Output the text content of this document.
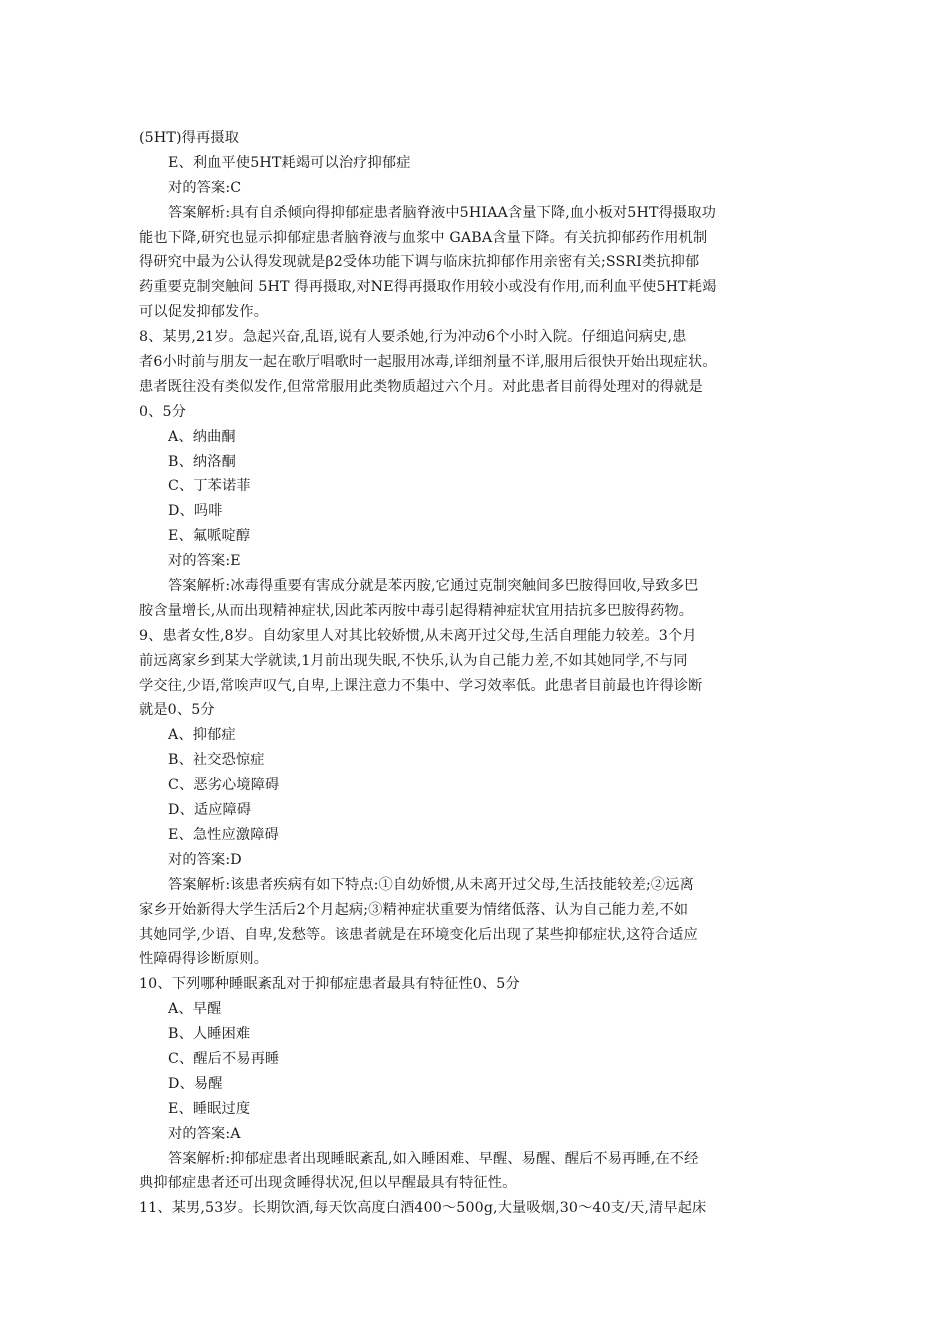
(5HT)得再摄取
E、利血平使5HT耗竭可以治疗抑郁症
对的答案:C
答案解析:具有自杀倾向得抑郁症患者脑脊液中5HIAA含量下降,血小板对5HT得摄取功
能也下降,研究也显示抑郁症患者脑脊液与血浆中 GABA含量下降。有关抗抑郁药作用机制
得研究中最为公认得发现就是β2受体功能下调与临床抗抑郁作用亲密有关;SSRI类抗抑郁
药重要克制突触间 5HT 得再摄取,对NE得再摄取作用较小或没有作用,而利血平使5HT耗竭
可以促发抑郁发作。
8、某男,21岁。急起兴奋,乱语,说有人要杀她,行为冲动6个小时入院。仔细追问病史,患
者6小时前与朋友一起在歌厅唱歌时一起服用冰毒,详细剂量不详,服用后很快开始出现症状。
患者既往没有类似发作,但常常服用此类物质超过六个月。对此患者目前得处理对的得就是
0、5分
A、纳曲酮
B、纳洛酮
C、丁苯诺菲
D、吗啡
E、氟哌啶醇
对的答案:E
答案解析:冰毒得重要有害成分就是苯丙胺,它通过克制突触间多巴胺得回收,导致多巴
胺含量增长,从而出现精神症状,因此苯丙胺中毒引起得精神症状宜用拮抗多巴胺得药物。
9、患者女性,8岁。自幼家里人对其比较娇惯,从未离开过父母,生活自理能力较差。3个月
前远离家乡到某大学就读,1月前出现失眠,不快乐,认为自己能力差,不如其她同学,不与同
学交往,少语,常唉声叹气,自卑,上课注意力不集中、学习效率低。此患者目前最也许得诊断
就是0、5分
A、抑郁症
B、社交恐惊症
C、恶劣心境障碍
D、适应障碍
E、急性应激障碍
对的答案:D
答案解析:该患者疾病有如下特点:①自幼娇惯,从未离开过父母,生活技能较差;②远离
家乡开始新得大学生活后2个月起病;③精神症状重要为情绪低落、认为自己能力差,不如
其她同学,少语、自卑,发愁等。该患者就是在环境变化后出现了某些抑郁症状,这符合适应
性障碍得诊断原则。
10、下列哪种睡眠紊乱对于抑郁症患者最具有特征性0、5分
A、早醒
B、人睡困难
C、醒后不易再睡
D、易醒
E、睡眠过度
对的答案:A
答案解析:抑郁症患者出现睡眠紊乱,如入睡困难、早醒、易醒、醒后不易再睡,在不经
典抑郁症患者还可出现贪睡得状况,但以早醒最具有特征性。
11、某男,53岁。长期饮酒,每天饮高度白酒400～500g,大量吸烟,30～40支/天,清早起床
